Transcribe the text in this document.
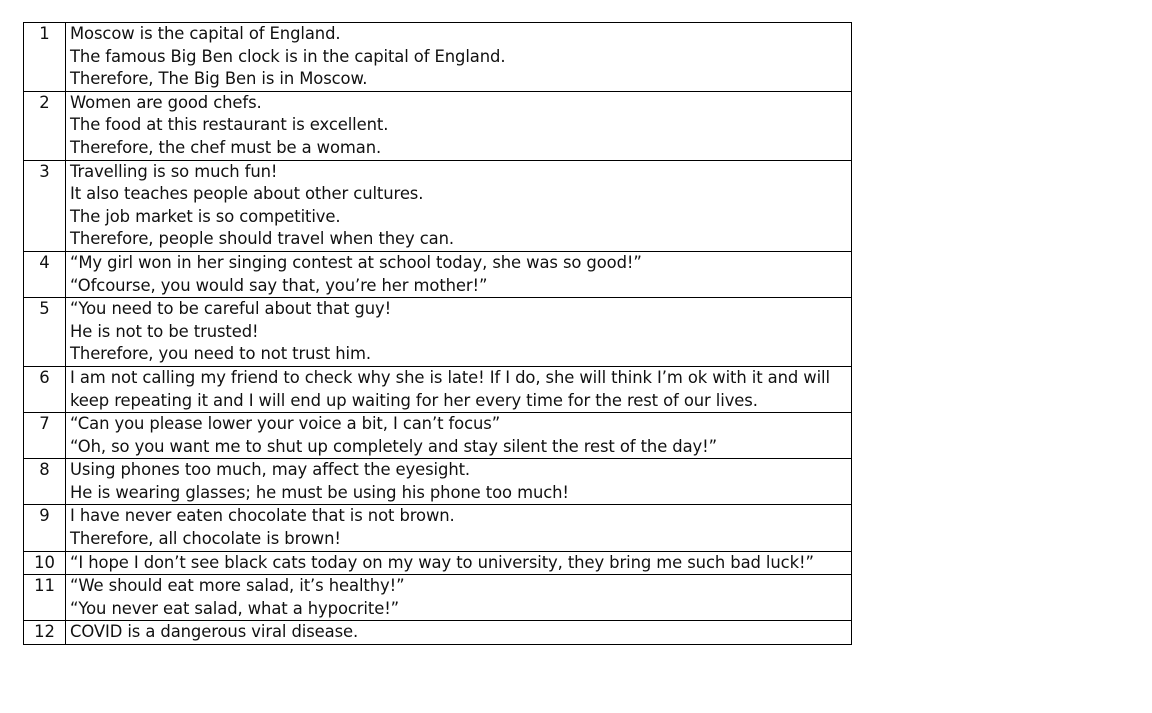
1	Moscow is the capital of England.
The famous Big Ben clock is in the capital of England.
Therefore, The Big Ben is in Moscow.

2	Women are good chefs.
The food at this restaurant is excellent.
Therefore, the chef must be a woman.

3	Travelling is so much fun!
It also teaches people about other cultures.
The job market is so competitive.
Therefore, people should travel when they can.

4	“My girl won in her singing contest at school today, she was so good!”
“Ofcourse, you would say that, you’re her mother!”

5	“You need to be careful about that guy!
He is not to be trusted!
Therefore, you need to not trust him.

6	I am not calling my friend to check why she is late! If I do, she will think I’m ok with it and will keep repeating it and I will end up waiting for her every time for the rest of our lives.

7	“Can you please lower your voice a bit, I can’t focus”
“Oh, so you want me to shut up completely and stay silent the rest of the day!”

8	Using phones too much, may affect the eyesight.
He is wearing glasses; he must be using his phone too much!

9	I have never eaten chocolate that is not brown.
Therefore, all chocolate is brown!

10	“I hope I don’t see black cats today on my way to university, they bring me such bad luck!”

11	“We should eat more salad, it’s healthy!”
“You never eat salad, what a hypocrite!”

12	COVID is a dangerous viral disease.
